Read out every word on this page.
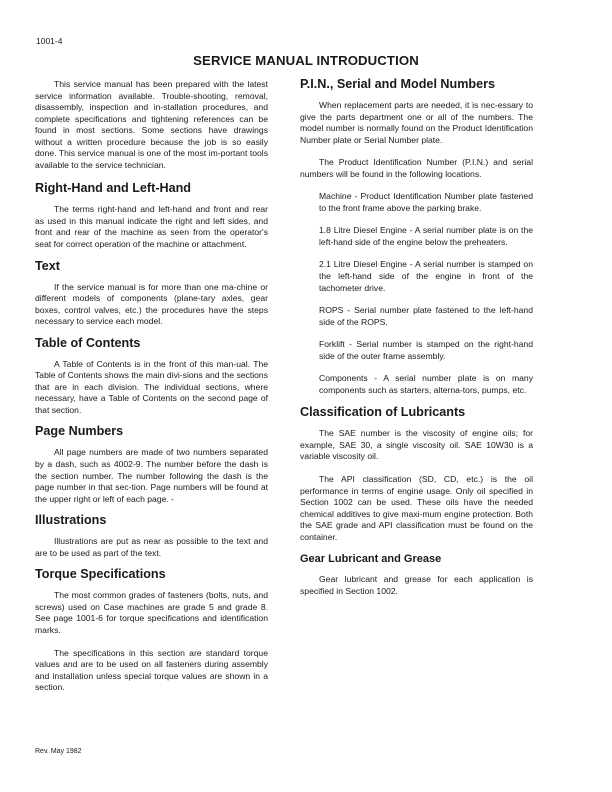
1001-4
SERVICE MANUAL INTRODUCTION

This service manual has been prepared with the latest service information available. Trouble-shooting, removal, disassembly, inspection and in-stallation procedures, and complete specifications and tightening references can be found in most sections. Some sections have drawings without a written procedure because the job is so easily done. This service manual is one of the most im-portant tools available to the service technician.

Right-Hand and Left-Hand

The terms right-hand and left-hand and front and rear as used in this manual indicate the right and left sides, and front and rear of the machine as seen from the operator's seat for correct operation of the machine or attachment.

Text

If the service manual is for more than one ma-chine or different models of components (plane-tary axles, gear boxes, control valves, etc.) the procedures have the steps necessary to service each model.

Table of Contents

A Table of Contents is in the front of this man-ual. The Table of Contents shows the main divi-sions and the sections that are in each division. The individual sections, where necessary, have a Table of Contents on the second page of that section.

Page Numbers

All page numbers are made of two numbers separated by a dash, such as 4002-9. The number before the dash is the section number. The number following the dash is the page number in that sec-tion. Page numbers will be found at the upper right or left of each page. -

Illustrations

Illustrations are put as near as possible to the text and are to be used as part of the text.

Torque Specifications

The most common grades of fasteners (bolts, nuts, and screws) used on Case machines are grade 5 and grade 8. See page 1001-6 for torque specifications and identification marks.

The specifications in this section are standard torque values and are to be used on all fasteners during assembly and installation unless special torque values are shown in a section.

P.I.N., Serial and Model Numbers

When replacement parts are needed, it is nec-essary to give the parts department one or all of the numbers. The model number is normally found on the Product Identification Number plate or Serial Number plate.

The Product Identification Number (P.I.N.) and serial numbers will be found in the following locations.

Machine - Product Identification Number plate fastened to the front frame above the parking brake.
1.8 Litre Diesel Engine - A serial number plate is on the left-hand side of the engine below the preheaters.
2.1 Litre Diesel Engine - A serial number is stamped on the left-hand side of the engine in front of the tachometer drive.
ROPS - Serial number plate fastened to the left-hand side of the ROPS.
Forklift - Serial number is stamped on the right-hand side of the outer frame assembly.
Components - A serial number plate is on many components such as starters, alterna-tors, pumps, etc.
Classification of Lubricants

The SAE number is the viscosity of engine oils; for example, SAE 30, a single viscosity oil. SAE 10W30 is a variable viscosity oil.

The API classification (SD, CD, etc.) is the oil performance in terms of engine usage. Only oil specified in Section 1002 can be used. These oils have the needed chemical additives to give maxi-mum engine protection. Both the SAE grade and API classification must be found on the container.

Gear Lubricant and Grease

Gear lubricant and grease for each application is specified in Section 1002.

Rev. May 1982
